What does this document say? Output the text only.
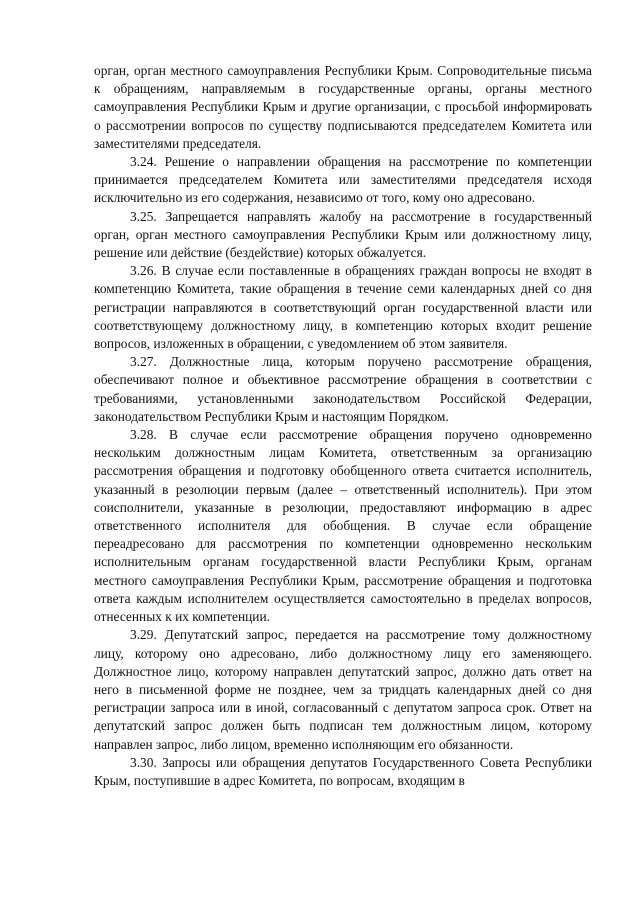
орган, орган местного самоуправления Республики Крым. Сопроводительные письма к обращениям, направляемым в государственные органы, органы местного самоуправления Республики Крым и другие организации, с просьбой информировать о рассмотрении вопросов по существу подписываются председателем Комитета или заместителями председателя.

3.24. Решение о направлении обращения на рассмотрение по компетенции принимается председателем Комитета или заместителями председателя исходя исключительно из его содержания, независимо от того, кому оно адресовано.

3.25. Запрещается направлять жалобу на рассмотрение в государственный орган, орган местного самоуправления Республики Крым или должностному лицу, решение или действие (бездействие) которых обжалуется.

3.26. В случае если поставленные в обращениях граждан вопросы не входят в компетенцию Комитета, такие обращения в течение семи календарных дней со дня регистрации направляются в соответствующий орган государственной власти или соответствующему должностному лицу, в компетенцию которых входит решение вопросов, изложенных в обращении, с уведомлением об этом заявителя.

3.27. Должностные лица, которым поручено рассмотрение обращения, обеспечивают полное и объективное рассмотрение обращения в соответствии с требованиями, установленными законодательством Российской Федерации, законодательством Республики Крым и настоящим Порядком.

3.28. В случае если рассмотрение обращения поручено одновременно нескольким должностным лицам Комитета, ответственным за организацию рассмотрения обращения и подготовку обобщенного ответа считается исполнитель, указанный в резолюции первым (далее – ответственный исполнитель). При этом соисполнители, указанные в резолюции, предоставляют информацию в адрес ответственного исполнителя для обобщения. В случае если обращение переадресовано для рассмотрения по компетенции одновременно нескольким исполнительным органам государственной власти Республики Крым, органам местного самоуправления Республики Крым, рассмотрение обращения и подготовка ответа каждым исполнителем осуществляется самостоятельно в пределах вопросов, отнесенных к их компетенции.

3.29. Депутатский запрос, передается на рассмотрение тому должностному лицу, которому оно адресовано, либо должностному лицу его заменяющего. Должностное лицо, которому направлен депутатский запрос, должно дать ответ на него в письменной форме не позднее, чем за тридцать календарных дней со дня регистрации запроса или в иной, согласованный с депутатом запроса срок. Ответ на депутатский запрос должен быть подписан тем должностным лицом, которому направлен запрос, либо лицом, временно исполняющим его обязанности.

3.30. Запросы или обращения депутатов Государственного Совета Республики Крым, поступившие в адрес Комитета, по вопросам, входящим в
